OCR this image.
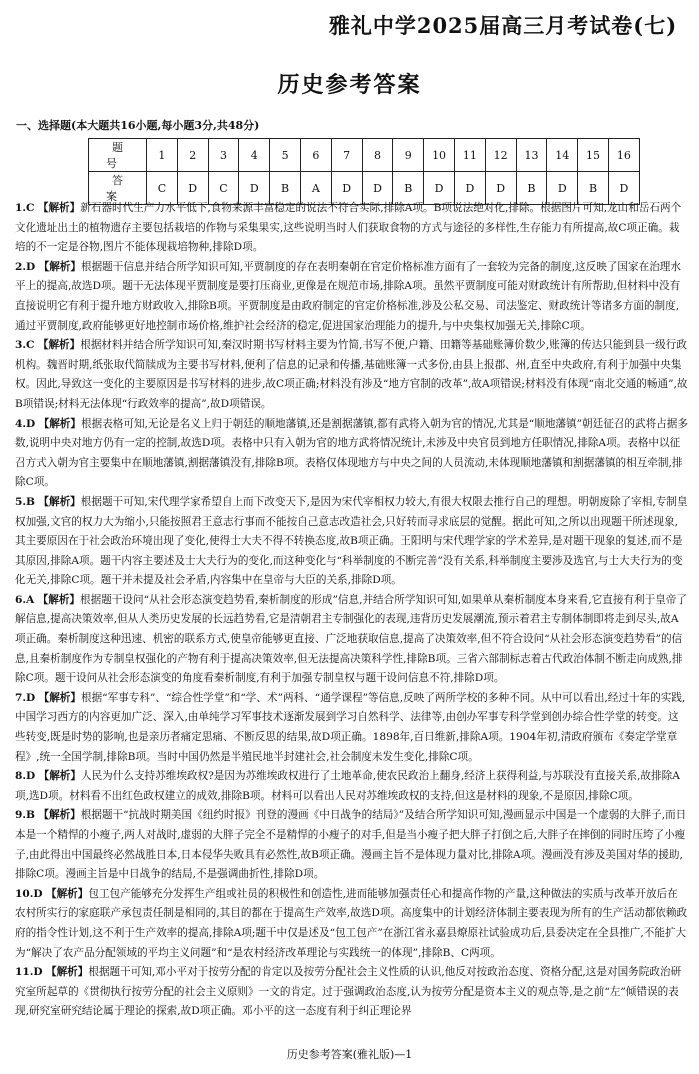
雅礼中学2025届高三月考试卷(七)
历史参考答案
一、选择题(本大题共16小题,每小题3分,共48分)
题号	1	2	3	4	5	6	7	8	9	10	11	12	13	14	15	16
答案	C	D	C	D	B	A	D	D	B	D	D	D	B	D	B	D

1.C 【解析】新石器时代生产力水平低下,食物来源丰富稳定的说法不符合实际,排除A项。B项说法绝对化,排除。根据图片可知,龙山和岳石两个文化遗址出土的植物遗存主要包括栽培的作物与采集果实,这些说明当时人们获取食物的方式与途径的多样性,生存能力有所提高,故C项正确。栽培的不一定是谷物,图片不能体现栽培物种,排除D项。

2.D 【解析】根据题干信息并结合所学知识可知,平贾制度的存在表明秦朝在官定价格标准方面有了一套较为完备的制度,这反映了国家在治理水平上的提高,故选D项。题干无法体现平贾制度是要打压商业,更像是在规范市场,排除A项。虽然平贾制度可能对财政统计有所帮助,但材料中没有直接说明它有利于提升地方财政收入,排除B项。平贾制度是由政府制定的官定价格标准,涉及公私交易、司法鉴定、财政统计等诸多方面的制度,通过平贾制度,政府能够更好地控制市场价格,维护社会经济的稳定,促进国家治理能力的提升,与中央集权加强无关,排除C项。

3.C 【解析】根据材料并结合所学知识可知,秦汉时期书写材料主要为竹简,书写不便,户籍、田籍等基础账簿价数少,账簿的传达只能到县一级行政机构。魏晋时期,纸张取代简牍成为主要书写材料,便利了信息的记录和传播,基础账簿一式多份,由县上报郡、州,直至中央政府,有利于加强中央集权。因此,导致这一变化的主要原因是书写材料的进步,故C项正确;材料没有涉及“地方官制的改革”,故A项错误;材料没有体现“南北交通的畅通”,故B项错误;材料无法体现“行政效率的提高”,故D项错误。

4.D 【解析】根据表格可知,无论是名义上归于朝廷的顺地藩镇,还是割据藩镇,都有武将入朝为官的情况,尤其是“顺地藩镇”朝廷征召的武将占据多数,说明中央对地方仍有一定的控制,故选D项。表格中只有入朝为官的地方武将情况统计,未涉及中央官员到地方任职情况,排除A项。表格中以征召方式入朝为官主要集中在顺地藩镇,割据藩镇没有,排除B项。表格仅体现地方与中央之间的人员流动,未体现顺地藩镇和割据藩镇的相互牵制,排除C项。

5.B 【解析】根据题干可知,宋代理学家希望自上而下改变天下,是因为宋代宰相权力较大,有很大权限去推行自己的理想。明朝废除了宰相,专制皇权加强,文官的权力大为缩小,只能按照君王意志行事而不能按自己意志改造社会,只好转而寻求底层的觉醒。据此可知,之所以出现题干所述现象,其主要原因在于社会政治环境出现了变化,使得士大夫不得不转换态度,故B项正确。王阳明与宋代理学家的学术差异,是对题干现象的复述,而不是其原因,排除A项。题干内容主要述及士大夫行为的变化,而这种变化与“科举制度的不断完善”没有关系,科举制度主要涉及选官,与士大夫行为的变化无关,排除C项。题干并未提及社会矛盾,内容集中在皇帝与大臣的关系,排除D项。

6.A 【解析】根据题干设问“从社会形态演变趋势看,秦析制度的形成”信息,并结合所学知识可知,如果单从秦析制度本身来看,它直接有利于皇帝了解信息,提高决策效率,但从人类历史发展的长远趋势看,它是清朝君主专制强化的表现,违背历史发展潮流,预示着君主专制体制即将走到尽头,故A项正确。秦析制度这种迅速、机密的联系方式,使皇帝能够更直接、广泛地获取信息,提高了决策效率,但不符合设问“从社会形态演变趋势看”的信息,且秦析制度作为专制皇权强化的产物有利于提高决策效率,但无法提高决策科学性,排除B项。三省六部制标志着古代政治体制不断走向成熟,排除C项。题干设问从社会形态演变的角度看秦析制度,有利于加强专制皇权与题干设问信息不符,排除D项。

7.D 【解析】根据“军事专科”、“综合性学堂”和“学、术”两科、“通学课程”等信息,反映了两所学校的多种不同。从中可以看出,经过十年的实践,中国学习西方的内容更加广泛、深入,由单纯学习军事技术逐渐发展到学习自然科学、法律等,由创办军事专科学堂到创办综合性学堂的转变。这些转变,既是时势的影响,也是亲历者痛定思痛、不断反思的结果,故D项正确。1898年,百日维新,排除A项。1904年初,清政府颁布《奏定学堂章程》,统一全国学制,排除B项。当时中国仍然是半殖民地半封建社会,社会制度未发生变化,排除C项。

8.D 【解析】人民为什么支持苏维埃政权?是因为苏维埃政权进行了土地革命,使农民政治上翻身,经济上获得利益,与苏联没有直接关系,故排除A项,选D项。材料看不出红色政权建立的成效,排除B项。材料可以看出人民对苏维埃政权的支持,但这是材料的现象,不是原因,排除C项。

9.B 【解析】根据题干“抗战时期美国《纽约时报》刊登的漫画《中日战争的结局》”及结合所学知识可知,漫画显示中国是一个虚弱的大胖子,而日本是一个精悍的小瘦子,两人对战时,虚弱的大胖子完全不是精悍的小瘦子的对手,但是当小瘦子把大胖子打倒之后,大胖子在摔倒的同时压垮了小瘦子,由此得出中国最终必然战胜日本,日本侵华失败具有必然性,故B项正确。漫画主旨不是体现力量对比,排除A项。漫画没有涉及美国对华的援助,排除C项。漫画主旨是中日战争的结局,不是强调曲折性,排除D项。

10.D 【解析】包工包产能够充分发挥生产组或社员的积极性和创造性,进而能够加强责任心和提高作物的产量,这种做法的实质与改革开放后在农村所实行的家庭联产承包责任制是相同的,其目的都在于提高生产效率,故选D项。高度集中的计划经济体制主要表现为所有的生产活动都依赖政府的指令性计划,这不利于生产效率的提高,排除A项;题干中仅是述及“包工包产”在浙江省永嘉县燎原社试验成功后,县委决定在全县推广,不能扩大为“解决了农产品分配领域的平均主义问题”和“是农村经济改革理论与实践统一的体现”,排除B、C两项。

11.D 【解析】根据题干可知,邓小平对于按劳分配的肯定以及按劳分配社会主义性质的认识,他反对按政治态度、资格分配,这是对国务院政治研究室所起草的《贯彻执行按劳分配的社会主义原则》一文的肯定。过于强调政治态度,认为按劳分配是资本主义的观点等,是之前“左”倾错误的表现,研究室研究结论属于理论的探索,故D项正确。邓小平的这一态度有利于纠正理论界

历史参考答案(雅礼版)—1
